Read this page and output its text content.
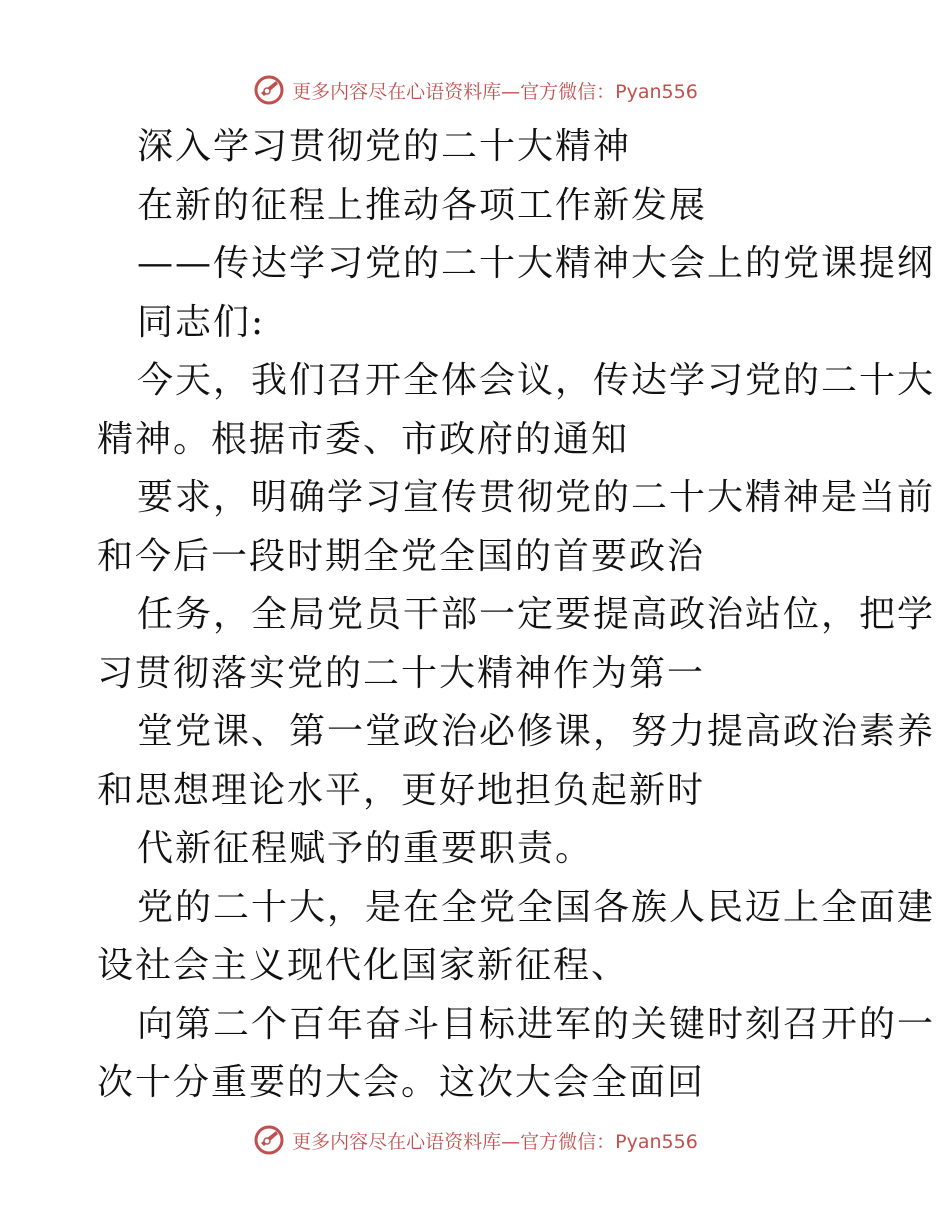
更多内容尽在心语资料库—官方微信：Pyan556
深入学习贯彻党的二十大精神
在新的征程上推动各项工作新发展
——传达学习党的二十大精神大会上的党课提纲
同志们:
今天，我们召开全体会议，传达学习党的二十大
精神。根据市委、市政府的通知
要求，明确学习宣传贯彻党的二十大精神是当前
和今后一段时期全党全国的首要政治
任务，全局党员干部一定要提高政治站位，把学
习贯彻落实党的二十大精神作为第一
堂党课、第一堂政治必修课，努力提高政治素养
和思想理论水平，更好地担负起新时
代新征程赋予的重要职责。
党的二十大，是在全党全国各族人民迈上全面建
设社会主义现代化国家新征程、
向第二个百年奋斗目标进军的关键时刻召开的一
次十分重要的大会。这次大会全面回
更多内容尽在心语资料库—官方微信：Pyan556
